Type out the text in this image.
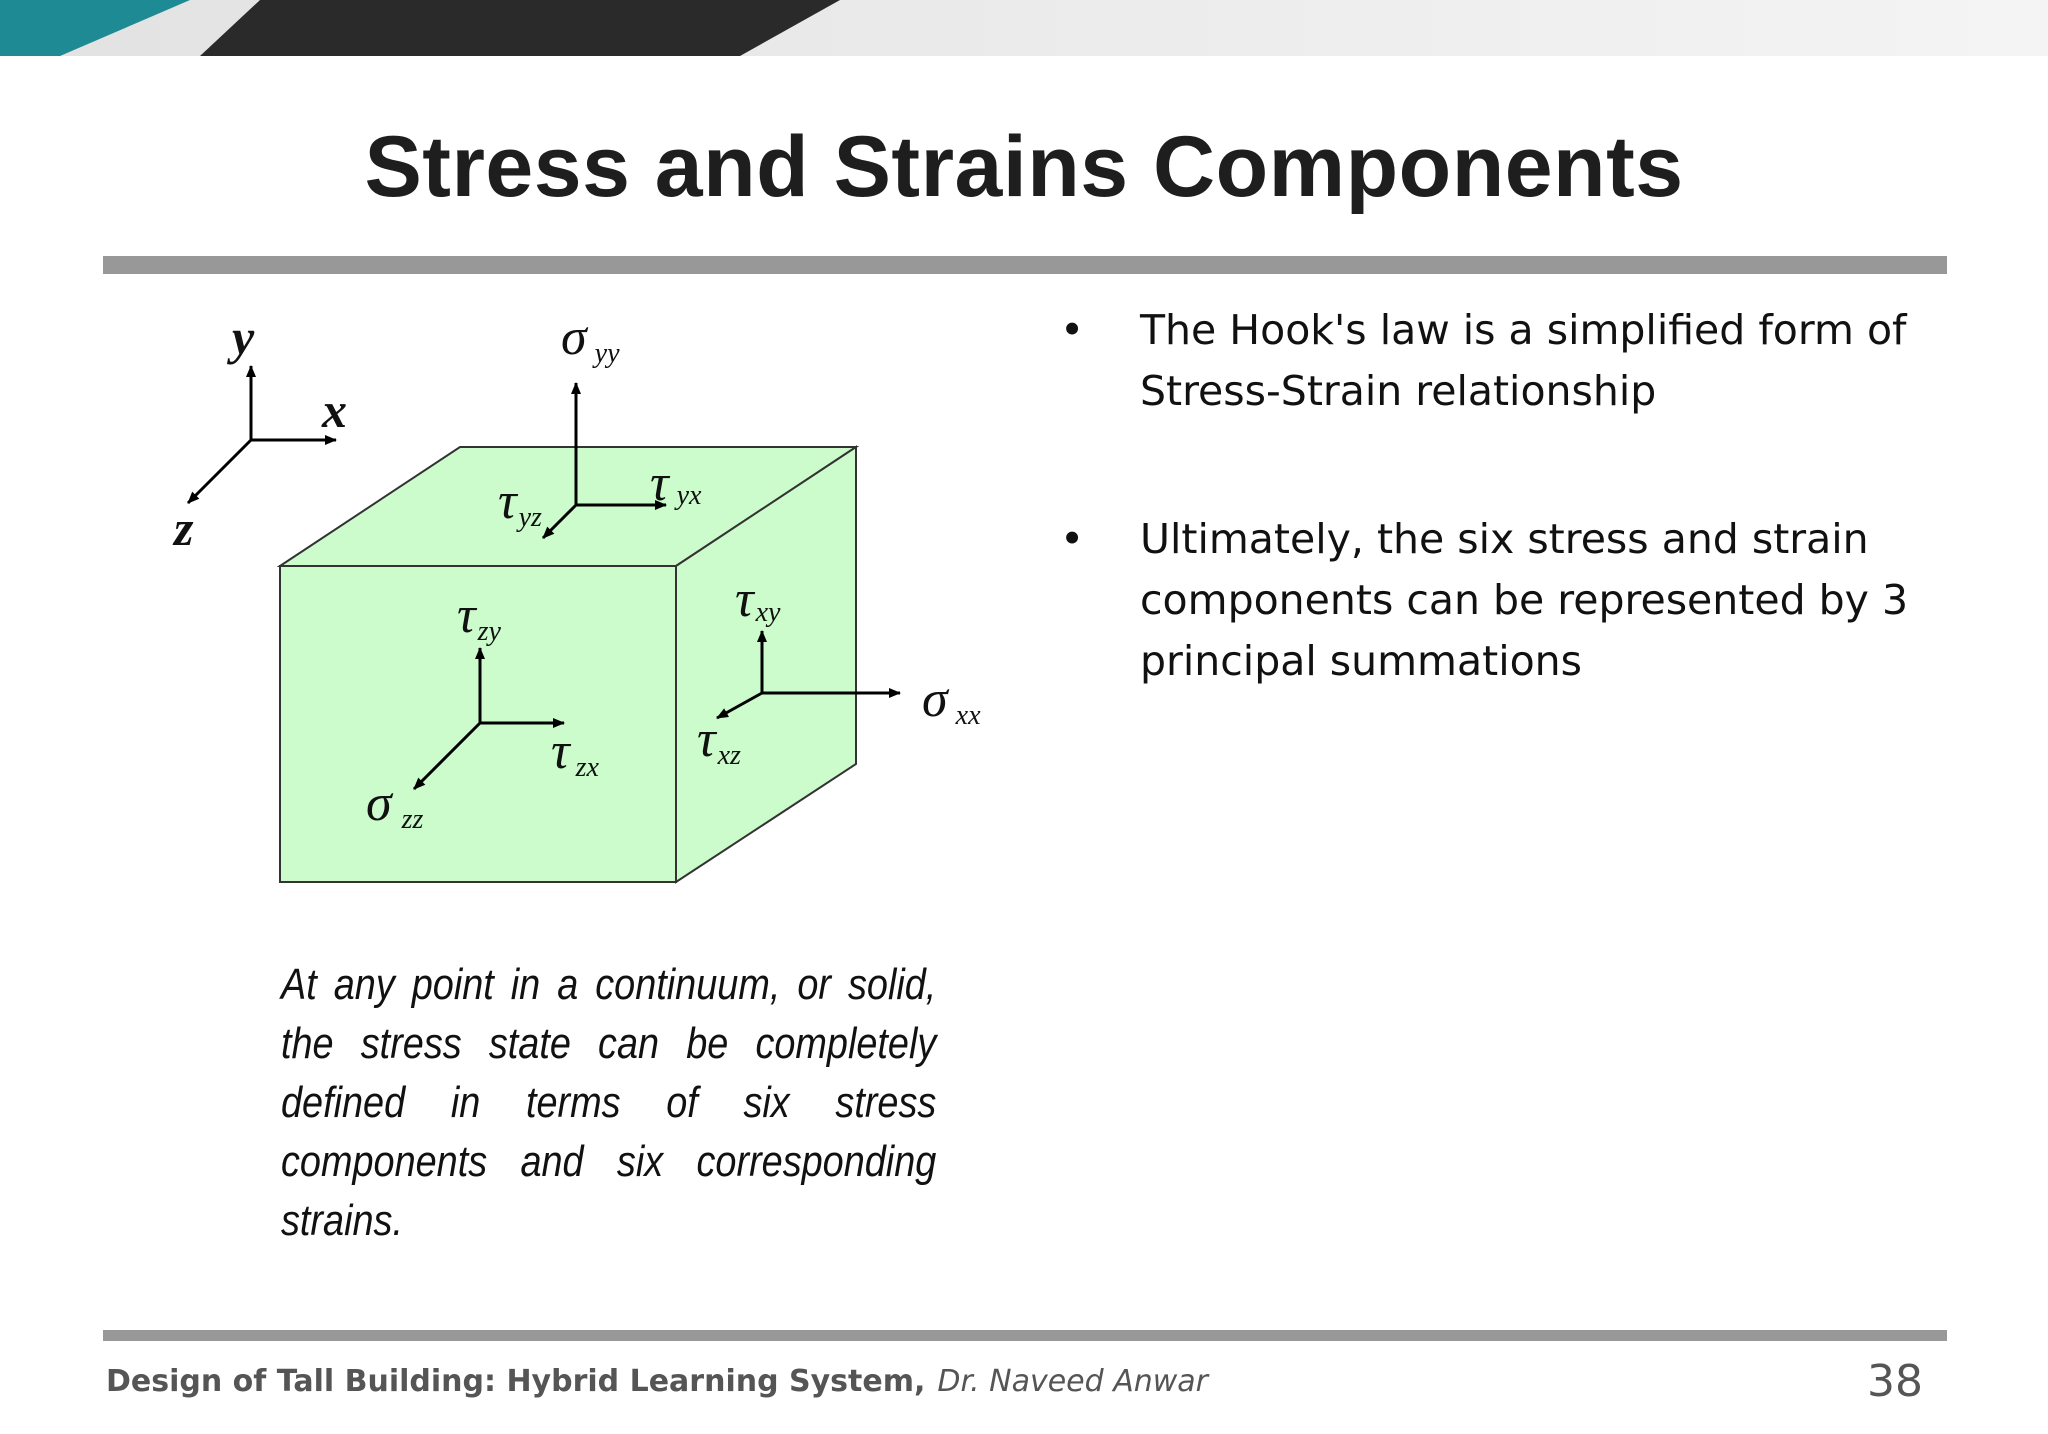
Stress and Strains Components
y
x
z
σyy
τyx
τyz
τzy
τzx
σzz
τxy
τxz
σxx
At any point in a continuum, or solid, the stress state can be completely defined in terms of six stress components and six corresponding strains.
• The Hook's law is a simplified form of Stress-Strain relationship
• Ultimately, the six stress and strain components can be represented by 3 principal summations
Design of Tall Building: Hybrid Learning System, Dr. Naveed Anwar	38
